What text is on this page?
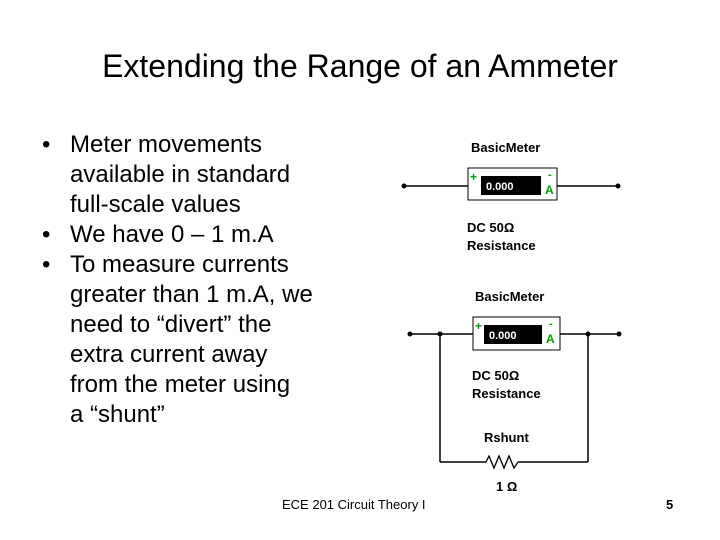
Extending the Range of an Ammeter
• Meter movements
available in standard
full-scale values
• We have 0 – 1 m.A
• To measure currents
greater than 1 m.A, we
need to “divert” the
extra current away
from the meter using
a “shunt”
0.000
+	-
A
BasicMeter
DC 50Ω
Resistance
0.000
+	-
A
BasicMeter
DC 50Ω
Resistance
Rshunt
1 Ω
ECE 201 Circuit Theory I	5
